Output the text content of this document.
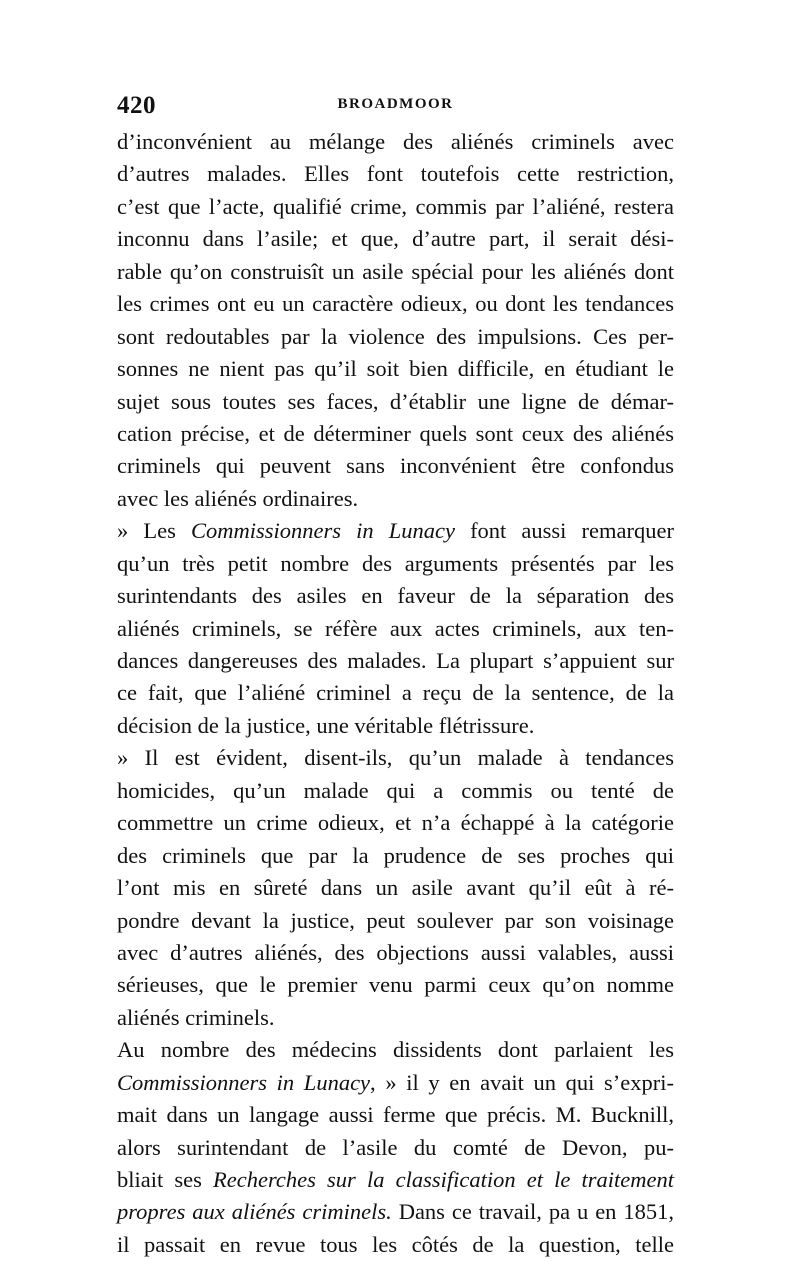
420	BROADMOOR
d’inconvénient au mélange des aliénés criminels avec
d’autres malades. Elles font toutefois cette restriction,
c’est que l’acte, qualifié crime, commis par l’aliéné, restera
inconnu dans l’asile; et que, d’autre part, il serait dési-
rable qu’on construisît un asile spécial pour les aliénés dont
les crimes ont eu un caractère odieux, ou dont les tendances
sont redoutables par la violence des impulsions. Ces per-
sonnes ne nient pas qu’il soit bien difficile, en étudiant le
sujet sous toutes ses faces, d’établir une ligne de démar-
cation précise, et de déterminer quels sont ceux des aliénés
criminels qui peuvent sans inconvénient être confondus
avec les aliénés ordinaires.
» Les Commissionners in Lunacy font aussi remarquer
qu’un très petit nombre des arguments présentés par les
surintendants des asiles en faveur de la séparation des
aliénés criminels, se réfère aux actes criminels, aux ten-
dances dangereuses des malades. La plupart s’appuient sur
ce fait, que l’aliéné criminel a reçu de la sentence, de la
décision de la justice, une véritable flétrissure.
» Il est évident, disent-ils, qu’un malade à tendances
homicides, qu’un malade qui a commis ou tenté de
commettre un crime odieux, et n’a échappé à la catégorie
des criminels que par la prudence de ses proches qui
l’ont mis en sûreté dans un asile avant qu’il eût à ré-
pondre devant la justice, peut soulever par son voisinage
avec d’autres aliénés, des objections aussi valables, aussi
sérieuses, que le premier venu parmi ceux qu’on nomme
aliénés criminels.
Au nombre des médecins dissidents dont parlaient les
Commissionners in Lunacy, » il y en avait un qui s’expri-
mait dans un langage aussi ferme que précis. M. Bucknill,
alors surintendant de l’asile du comté de Devon, pu-
bliait ses Recherches sur la classification et le traitement
propres aux aliénés criminels. Dans ce travail, pa u en 1851,
il passait en revue tous les côtés de la question, telle
